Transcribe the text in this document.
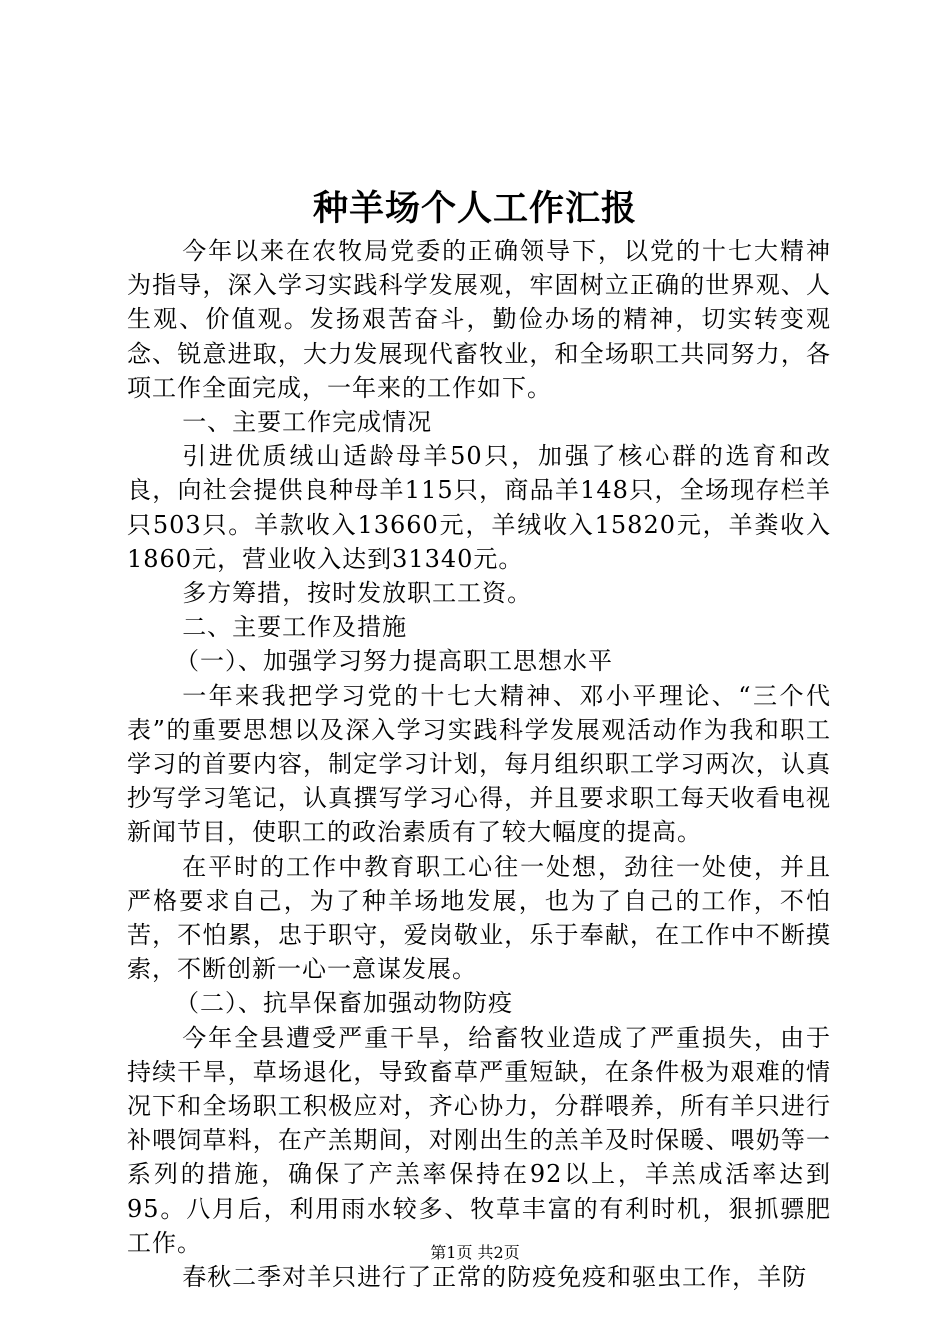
种羊场个人工作汇报

今年以来在农牧局党委的正确领导下，以党的十七大精神为指导，深入学习实践科学发展观，牢固树立正确的世界观、人生观、价值观。发扬艰苦奋斗，勤俭办场的精神，切实转变观念、锐意进取，大力发展现代畜牧业，和全场职工共同努力，各项工作全面完成，一年来的工作如下。

一、主要工作完成情况

引进优质绒山适龄母羊50只，加强了核心群的选育和改良，向社会提供良种母羊115只，商品羊148只，全场现存栏羊只503只。羊款收入13660元，羊绒收入15820元，羊粪收入1860元，营业收入达到31340元。

多方筹措，按时发放职工工资。

二、主要工作及措施

（一）、加强学习努力提高职工思想水平

一年来我把学习党的十七大精神、邓小平理论、“三个代表”的重要思想以及深入学习实践科学发展观活动作为我和职工学习的首要内容，制定学习计划，每月组织职工学习两次，认真抄写学习笔记，认真撰写学习心得，并且要求职工每天收看电视新闻节目，使职工的政治素质有了较大幅度的提高。

在平时的工作中教育职工心往一处想，劲往一处使，并且严格要求自己，为了种羊场地发展，也为了自己的工作，不怕苦，不怕累，忠于职守，爱岗敬业，乐于奉献，在工作中不断摸索，不断创新一心一意谋发展。

（二）、抗旱保畜加强动物防疫

今年全县遭受严重干旱，给畜牧业造成了严重损失，由于持续干旱，草场退化，导致畜草严重短缺，在条件极为艰难的情况下和全场职工积极应对，齐心协力，分群喂养，所有羊只进行补喂饲草料，在产羔期间，对刚出生的羔羊及时保暖、喂奶等一系列的措施，确保了产羔率保持在92以上，羊羔成活率达到95。八月后，利用雨水较多、牧草丰富的有利时机，狠抓骠肥工作。

春秋二季对羊只进行了正常的防疫免疫和驱虫工作，羊防

第1页 共2页
